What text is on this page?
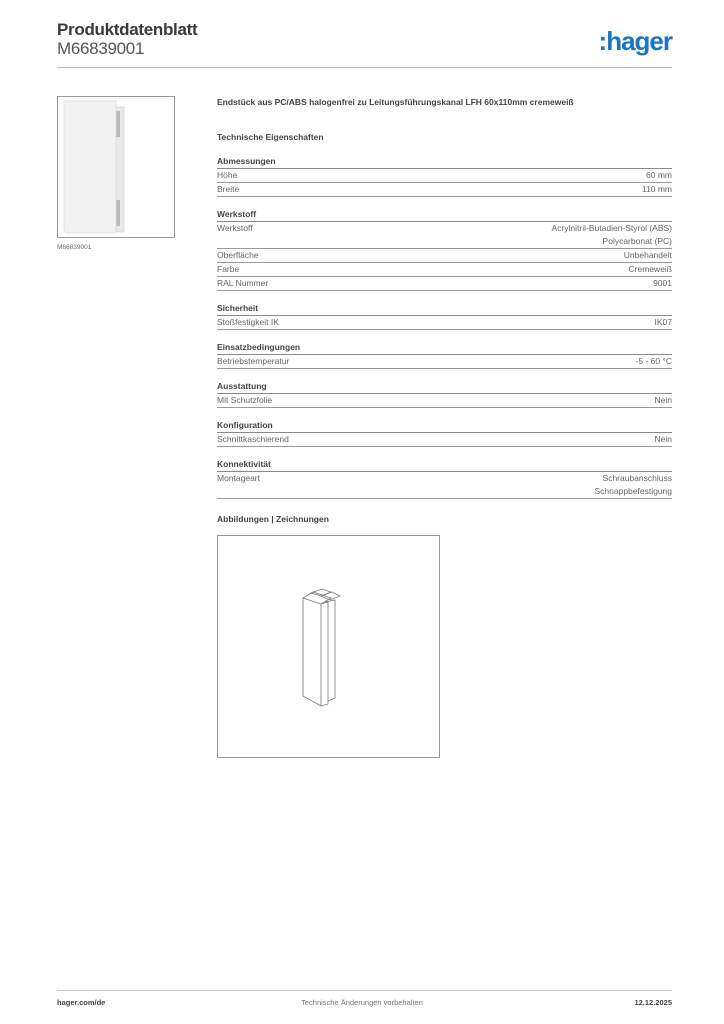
Produktdatenblatt
M66839001	:hager
M66839001
Endstück aus PC/ABS halogenfrei zu Leitungsführungskanal LFH 60x110mm cremeweiß
Technische Eigenschaften
Abmessungen
Höhe	60 mm
Breite	110 mm
Werkstoff
Werkstoff	Acrylnitril-Butadien-Styrol (ABS)
Polycarbonat (PC)
Oberfläche	Unbehandelt
Farbe	Cremeweiß
RAL Nummer	9001
Sicherheit
Stoßfestigkeit IK	IK07
Einsatzbedingungen
Betriebstemperatur	-5 - 60 °C
Ausstattung
Mit Schutzfolie	Nein
Konfiguration
Schnittkaschierend	Nein
Konnektivität
Montageart	Schraubanschluss
Schnappbefestigung
Abbildungen | Zeichnungen
hager.com/de	Technische Änderungen vorbehalten	12.12.2025
